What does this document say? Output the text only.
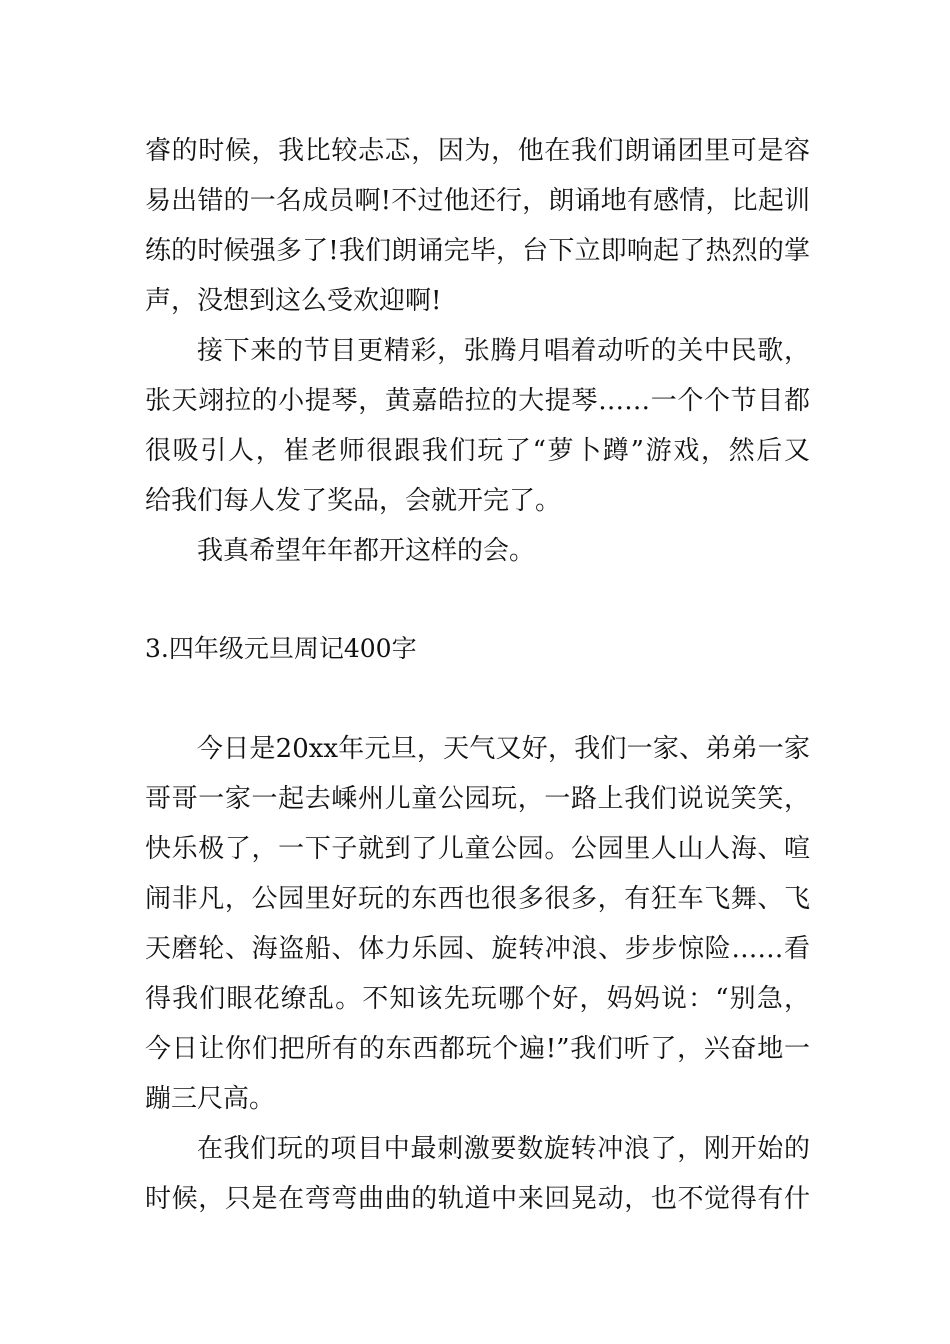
睿的时候，我比较忐忑，因为，他在我们朗诵团里可是容
易出错的一名成员啊!不过他还行，朗诵地有感情，比起训
练的时候强多了!我们朗诵完毕，台下立即响起了热烈的掌
声，没想到这么受欢迎啊!
接下来的节目更精彩，张腾月唱着动听的关中民歌，
张天翊拉的小提琴，黄嘉皓拉的大提琴……一个个节目都
很吸引人，崔老师很跟我们玩了“萝卜蹲”游戏，然后又
给我们每人发了奖品，会就开完了。
我真希望年年都开这样的会。
3.四年级元旦周记400字
今日是20xx年元旦，天气又好，我们一家、弟弟一家
哥哥一家一起去嵊州儿童公园玩，一路上我们说说笑笑，
快乐极了，一下子就到了儿童公园。公园里人山人海、喧
闹非凡，公园里好玩的东西也很多很多，有狂车飞舞、飞
天磨轮、海盗船、体力乐园、旋转冲浪、步步惊险……看
得我们眼花缭乱。不知该先玩哪个好，妈妈说：“别急，
今日让你们把所有的东西都玩个遍!”我们听了，兴奋地一
蹦三尺高。
在我们玩的项目中最刺激要数旋转冲浪了，刚开始的
时候，只是在弯弯曲曲的轨道中来回晃动，也不觉得有什
